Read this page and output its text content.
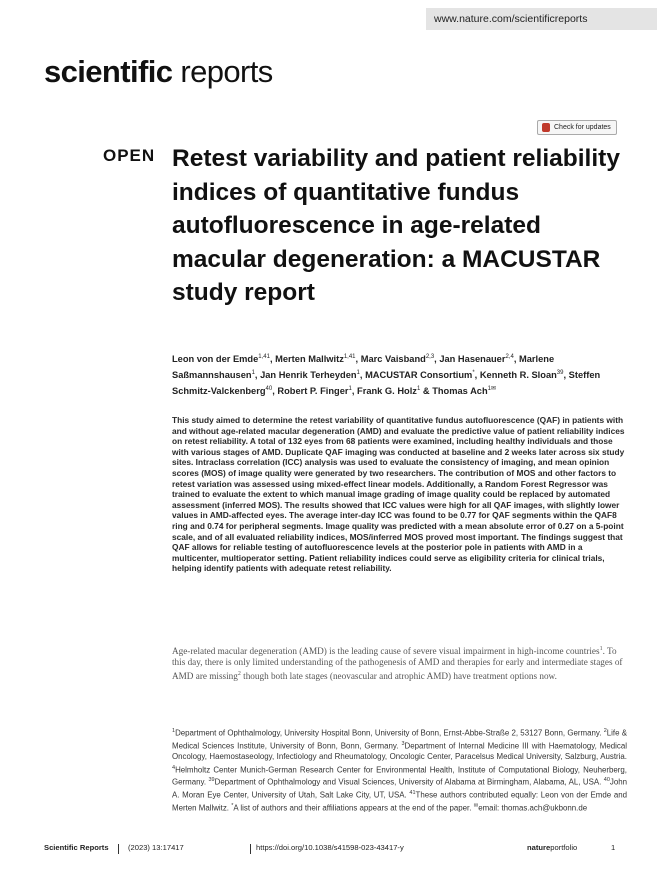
www.nature.com/scientificreports
scientific reports
Check for updates
OPEN Retest variability and patient reliability indices of quantitative fundus autofluorescence in age‑related macular degeneration: a MACUSTAR study report
Leon von der Emde$^{1,41}$, Merten Mallwitz$^{1,41}$, Marc Vaisband$^{2,3}$, Jan Hasenauer$^{2,4}$, Marlene Saßmannshausen$^1$, Jan Henrik Terheyden$^1$, MACUSTAR Consortium*, Kenneth R. Sloan$^{39}$, Steffen Schmitz‑Valckenberg$^{40}$, Robert P. Finger$^1$, Frank G. Holz$^1$ & Thomas Ach$^{1✉}$

This study aimed to determine the retest variability of quantitative fundus autofluorescence (QAF) in patients with and without age-related macular degeneration (AMD) and evaluate the predictive value of patient reliability indices on retest reliability. A total of 132 eyes from 68 patients were examined, including healthy individuals and those with various stages of AMD. Duplicate QAF imaging was conducted at baseline and 2 weeks later across six study sites. Intraclass correlation (ICC) analysis was used to evaluate the consistency of imaging, and mean opinion scores (MOS) of image quality were generated by two researchers. The contribution of MOS and other factors to retest variation was assessed using mixed-effect linear models. Additionally, a Random Forest Regressor was trained to evaluate the extent to which manual image grading of image quality could be replaced by automated assessment (inferred MOS). The results showed that ICC values were high for all QAF images, with slightly lower values in AMD-affected eyes. The average inter-day ICC was found to be 0.77 for QAF segments within the QAF8 ring and 0.74 for peripheral segments. Image quality was predicted with a mean absolute error of 0.27 on a 5-point scale, and of all evaluated reliability indices, MOS/inferred MOS proved most important. The findings suggest that QAF allows for reliable testing of autofluorescence levels at the posterior pole in patients with AMD in a multicenter, multioperator setting. Patient reliability indices could serve as eligibility criteria for clinical trials, helping identify patients with adequate retest reliability.

Age-related macular degeneration (AMD) is the leading cause of severe visual impairment in high-income countries$^1$. To this day, there is only limited understanding of the pathogenesis of AMD and therapies for early and intermediate stages of AMD are missing$^2$ though both late stages (neovascular and atrophic AMD) have treatment options now.

$^1$Department of Ophthalmology, University Hospital Bonn, University of Bonn, Ernst-Abbe-Straße 2, 53127 Bonn, Germany. $^2$Life & Medical Sciences Institute, University of Bonn, Bonn, Germany. $^3$Department of Internal Medicine III with Haematology, Medical Oncology, Haemostaseology, Infectiology and Rheumatology, Oncologic Center, Paracelsus Medical University, Salzburg, Austria. $^4$Helmholtz Center Munich-German Research Center for Environmental Health, Institute of Computational Biology, Neuherberg, Germany. $^{39}$Department of Ophthalmology and Visual Sciences, University of Alabama at Birmingham, Alabama, AL, USA. $^{40}$John A. Moran Eye Center, University of Utah, Salt Lake City, UT, USA. $^{41}$These authors contributed equally: Leon von der Emde and Merten Mallwitz. *A list of authors and their affiliations appears at the end of the paper. ✉email: thomas.ach@ukbonn.de

Scientific Reports	(2023) 13:17417	https://doi.org/10.1038/s41598-023-43417-y	natureportfolio	1
